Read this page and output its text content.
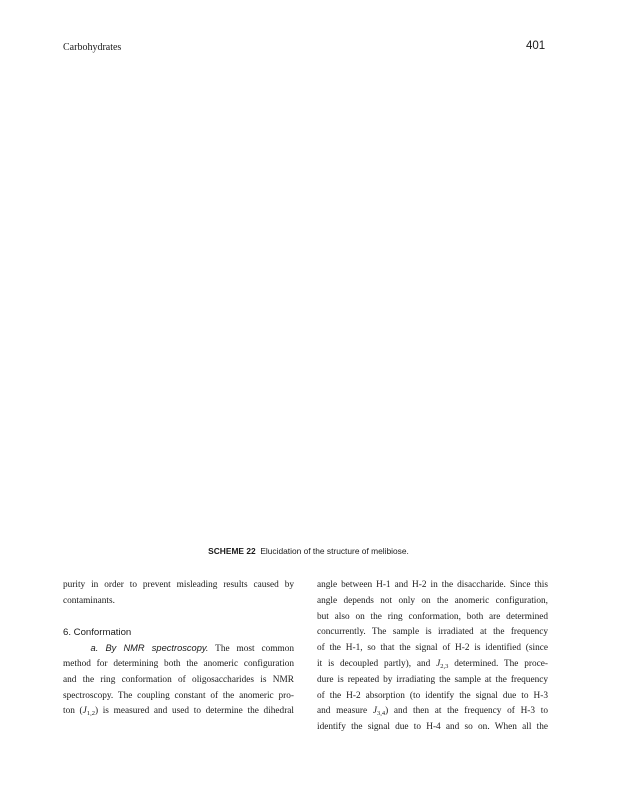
Carbohydrates	401
SCHEME 22 Elucidation of the structure of melibiose.
purity in order to prevent misleading results caused by
contaminants.
6. Conformation
a. By NMR spectroscopy. The most common
method for determining both the anomeric configuration
and the ring conformation of oligosaccharides is NMR
spectroscopy. The coupling constant of the anomeric pro-
ton $(J_{1,2})$ is measured and used to determine the dihedral
angle between H-1 and H-2 in the disaccharide. Since this
angle depends not only on the anomeric configuration,
but also on the ring conformation, both are determined
concurrently. The sample is irradiated at the frequency
of the H-1, so that the signal of H-2 is identified (since
it is decoupled partly), and $J_{2,3}$ determined. The proce-
dure is repeated by irradiating the sample at the frequency
of the H-2 absorption (to identify the signal due to H-3
and measure $J_{3,4}$) and then at the frequency of H-3 to
identify the signal due to H-4 and so on. When all the
